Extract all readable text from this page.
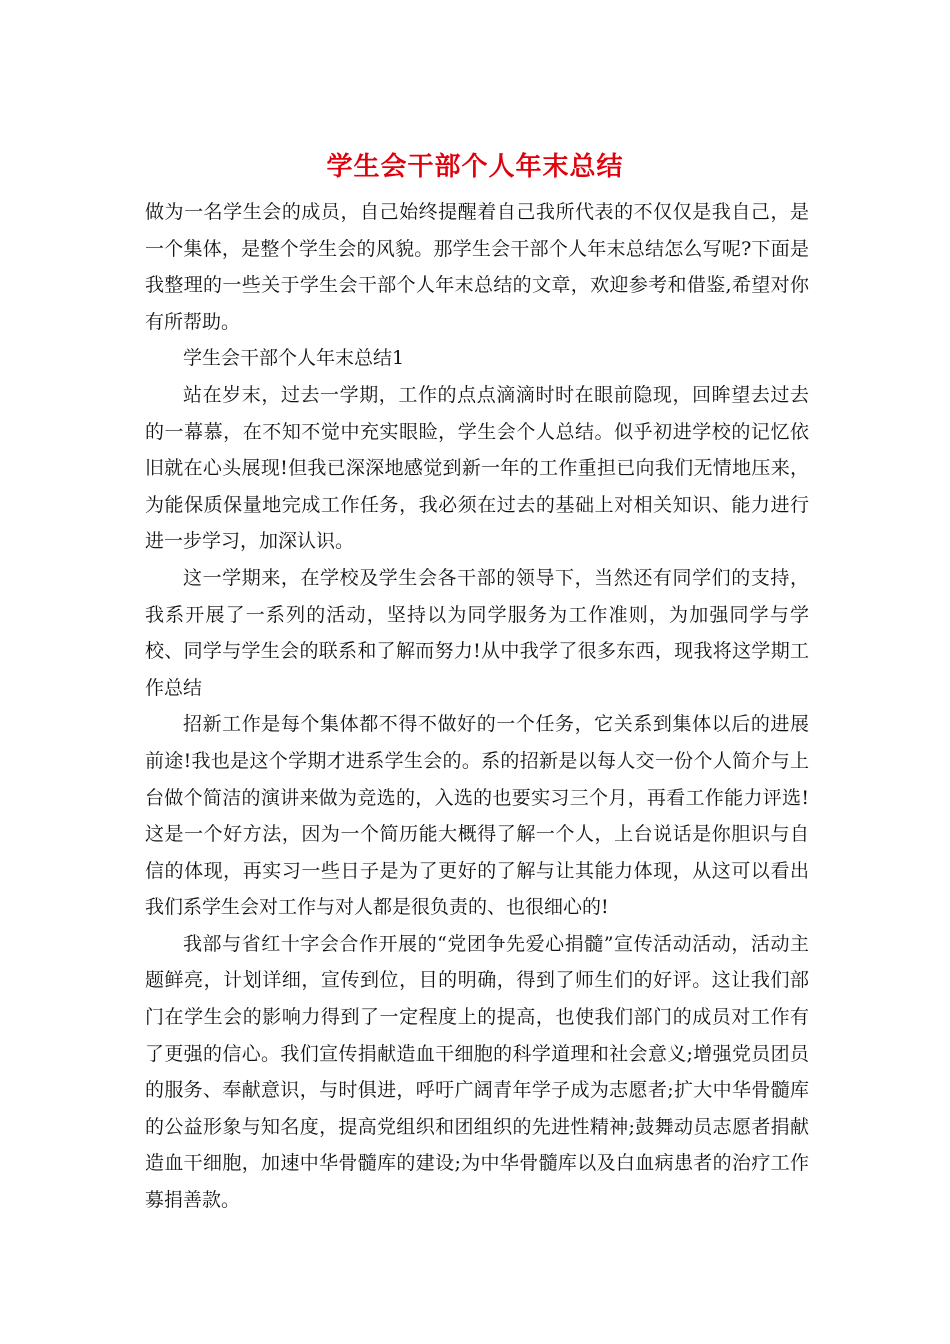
学生会干部个人年末总结

做为一名学生会的成员，自己始终提醒着自己我所代表的不仅仅是我自己，是一个集体，是整个学生会的风貌。那学生会干部个人年末总结怎么写呢?下面是我整理的一些关于学生会干部个人年末总结的文章，欢迎参考和借鉴,希望对你有所帮助。

学生会干部个人年末总结1

站在岁末，过去一学期，工作的点点滴滴时时在眼前隐现，回眸望去过去的一幕慕，在不知不觉中充实眼睑，学生会个人总结。似乎初进学校的记忆依旧就在心头展现!但我已深深地感觉到新一年的工作重担已向我们无情地压来，为能保质保量地完成工作任务，我必须在过去的基础上对相关知识、能力进行进一步学习，加深认识。

这一学期来，在学校及学生会各干部的领导下，当然还有同学们的支持，我系开展了一系列的活动，坚持以为同学服务为工作准则，为加强同学与学校、同学与学生会的联系和了解而努力!从中我学了很多东西，现我将这学期工作总结

招新工作是每个集体都不得不做好的一个任务，它关系到集体以后的进展前途!我也是这个学期才进系学生会的。系的招新是以每人交一份个人简介与上台做个简洁的演讲来做为竞选的，入选的也要实习三个月，再看工作能力评选!这是一个好方法，因为一个简历能大概得了解一个人，上台说话是你胆识与自信的体现，再实习一些日子是为了更好的了解与让其能力体现，从这可以看出我们系学生会对工作与对人都是很负责的、也很细心的!

我部与省红十字会合作开展的“党团争先爱心捐髓”宣传活动活动，活动主题鲜亮，计划详细，宣传到位，目的明确，得到了师生们的好评。这让我们部门在学生会的影响力得到了一定程度上的提高，也使我们部门的成员对工作有了更强的信心。我们宣传捐献造血干细胞的科学道理和社会意义;增强党员团员的服务、奉献意识，与时俱进，呼吁广阔青年学子成为志愿者;扩大中华骨髓库的公益形象与知名度，提高党组织和团组织的先进性精神;鼓舞动员志愿者捐献造血干细胞，加速中华骨髓库的建设;为中华骨髓库以及白血病患者的治疗工作募捐善款。
